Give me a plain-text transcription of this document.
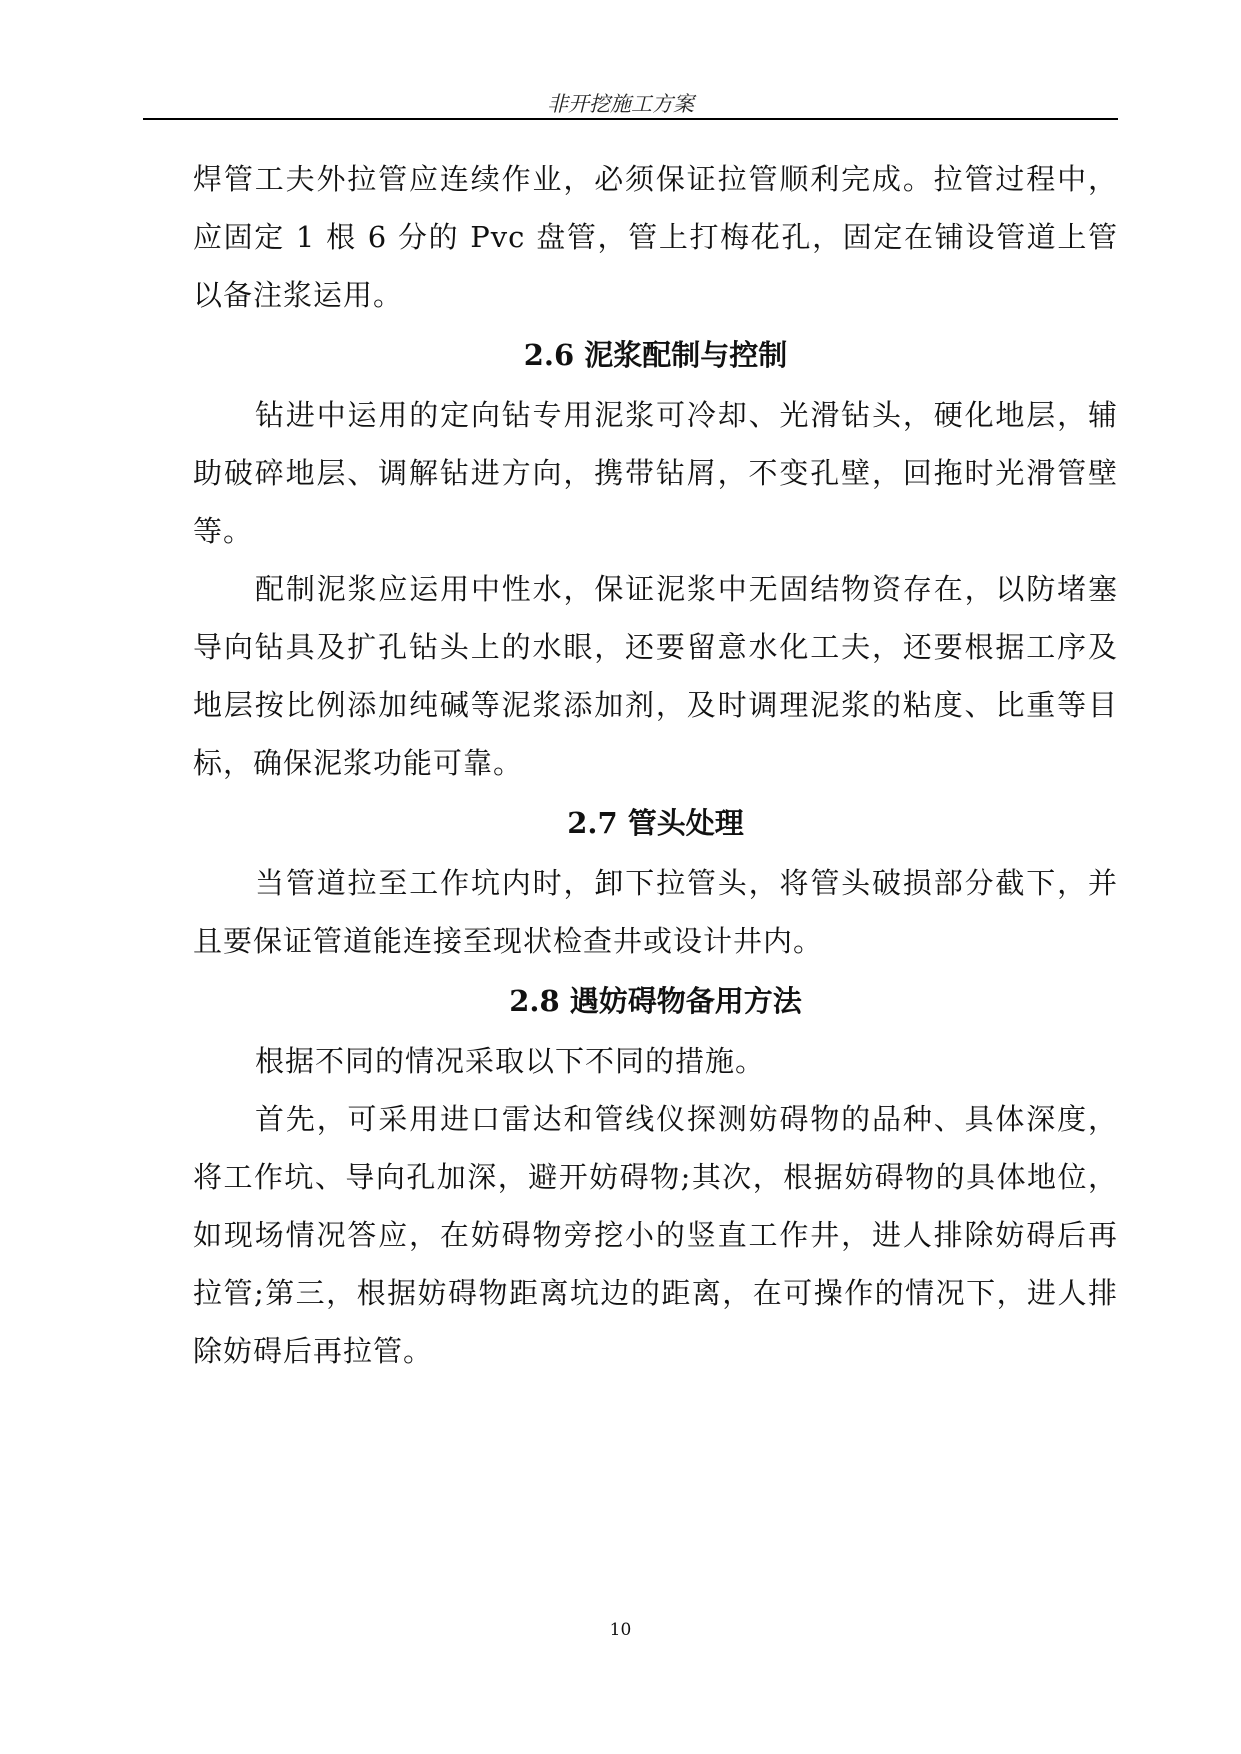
非开挖施工方案

焊管工夫外拉管应连续作业，必须保证拉管顺利完成。拉管过程中，应固定 1 根 6 分的 Pvc 盘管，管上打梅花孔，固定在铺设管道上管以备注浆运用。

2.6 泥浆配制与控制

钻进中运用的定向钻专用泥浆可冷却、光滑钻头，硬化地层，辅助破碎地层、调解钻进方向，携带钻屑，不变孔壁，回拖时光滑管壁等。

配制泥浆应运用中性水，保证泥浆中无固结物资存在，以防堵塞导向钻具及扩孔钻头上的水眼，还要留意水化工夫，还要根据工序及地层按比例添加纯碱等泥浆添加剂，及时调理泥浆的粘度、比重等目标，确保泥浆功能可靠。

2.7 管头处理

当管道拉至工作坑内时，卸下拉管头，将管头破损部分截下，并且要保证管道能连接至现状检查井或设计井内。

2.8 遇妨碍物备用方法

根据不同的情况采取以下不同的措施。

首先，可采用进口雷达和管线仪探测妨碍物的品种、具体深度，将工作坑、导向孔加深，避开妨碍物;其次，根据妨碍物的具体地位，如现场情况答应，在妨碍物旁挖小的竖直工作井，进人排除妨碍后再拉管;第三，根据妨碍物距离坑边的距离，在可操作的情况下，进人排除妨碍后再拉管。

10
